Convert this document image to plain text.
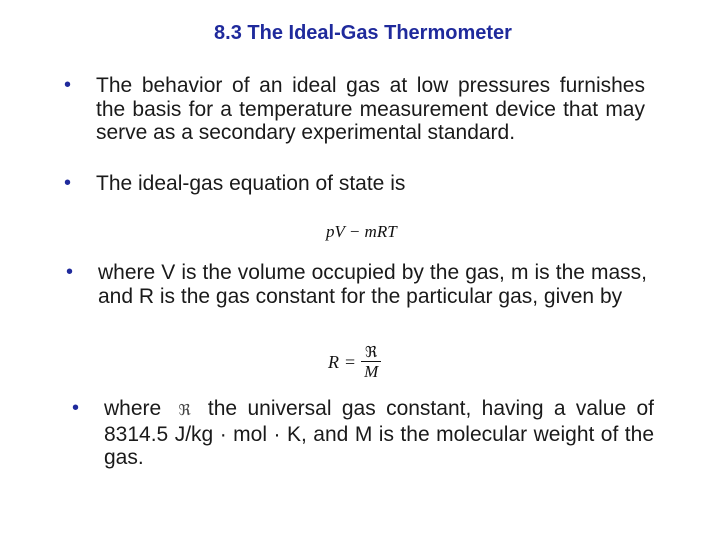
8.3 The Ideal-Gas Thermometer

• The behavior of an ideal gas at low pressures furnishes the basis for a temperature measurement device that may serve as a secondary experimental standard.

• The ideal-gas equation of state is

pV − mRT

• where V is the volume occupied by the gas, m is the mass, and R is the gas constant for the particular gas, given by

$R = \frac{\text{ℜ}}{M}$

• where ℜ the universal gas constant, having a value of 8314.5 J/kg · mol · K, and M is the molecular weight of the gas.
